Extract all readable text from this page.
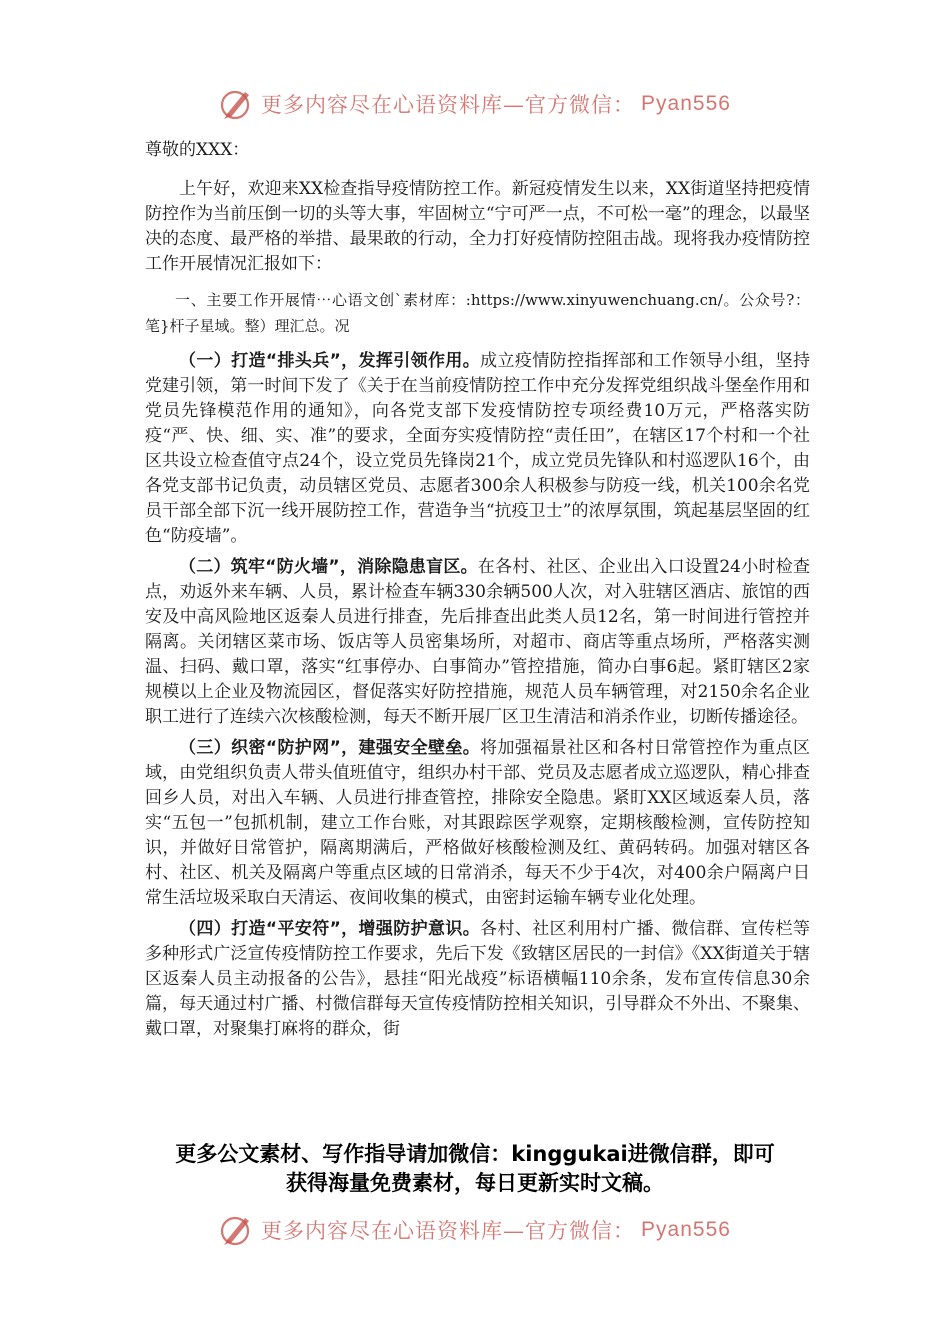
更多内容尽在心语资料库—官方微信： Pyan556

尊敬的XXX：

上午好，欢迎来XX检查指导疫情防控工作。新冠疫情发生以来，XX街道坚持把疫情防控作为当前压倒一切的头等大事，牢固树立“宁可严一点，不可松一毫”的理念，以最坚决的态度、最严格的举措、最果敢的行动，全力打好疫情防控阻击战。现将我办疫情防控工作开展情况汇报如下：

一、主要工作开展情⋯心语文创`素材库：:https://www.xinyuwenchuang.cn/。公众号?：笔}杆子星域。整）理汇总。况

（一）打造“排头兵”，发挥引领作用。成立疫情防控指挥部和工作领导小组，坚持党建引领，第一时间下发了《关于在当前疫情防控工作中充分发挥党组织战斗堡垒作用和党员先锋模范作用的通知》，向各党支部下发疫情防控专项经费10万元，严格落实防疫“严、快、细、实、准”的要求，全面夯实疫情防控“责任田”，在辖区17个村和一个社区共设立检查值守点24个，设立党员先锋岗21个，成立党员先锋队和村巡逻队16个，由各党支部书记负责，动员辖区党员、志愿者300余人积极参与防疫一线，机关100余名党员干部全部下沉一线开展防控工作，营造争当“抗疫卫士”的浓厚氛围，筑起基层坚固的红色“防疫墙”。

（二）筑牢“防火墙”，消除隐患盲区。在各村、社区、企业出入口设置24小时检查点，劝返外来车辆、人员，累计检查车辆330余辆500人次，对入驻辖区酒店、旅馆的西安及中高风险地区返秦人员进行排查，先后排查出此类人员12名，第一时间进行管控并隔离。关闭辖区菜市场、饭店等人员密集场所，对超市、商店等重点场所，严格落实测温、扫码、戴口罩，落实“红事停办、白事简办”管控措施，简办白事6起。紧盯辖区2家规模以上企业及物流园区，督促落实好防控措施，规范人员车辆管理，对2150余名企业职工进行了连续六次核酸检测，每天不断开展厂区卫生清洁和消杀作业，切断传播途径。

（三）织密“防护网”，建强安全壁垒。将加强福景社区和各村日常管控作为重点区域，由党组织负责人带头值班值守，组织办村干部、党员及志愿者成立巡逻队，精心排查回乡人员，对出入车辆、人员进行排查管控，排除安全隐患。紧盯XX区域返秦人员，落实“五包一”包抓机制，建立工作台账，对其跟踪医学观察，定期核酸检测，宣传防控知识，并做好日常管护，隔离期满后，严格做好核酸检测及红、黄码转码。加强对辖区各村、社区、机关及隔离户等重点区域的日常消杀，每天不少于4次，对400余户隔离户日常生活垃圾采取白天清运、夜间收集的模式，由密封运输车辆专业化处理。

（四）打造“平安符”，增强防护意识。各村、社区利用村广播、微信群、宣传栏等多种形式广泛宣传疫情防控工作要求，先后下发《致辖区居民的一封信》《XX街道关于辖区返秦人员主动报备的公告》，悬挂“阳光战疫”标语横幅110余条，发布宣传信息30余篇，每天通过村广播、村微信群每天宣传疫情防控相关知识，引导群众不外出、不聚集、戴口罩，对聚集打麻将的群众，街

更多公文素材、写作指导请加微信：kinggukai进微信群，即可
获得海量免费素材，每日更新实时文稿。
更多内容尽在心语资料库—官方微信： Pyan556
